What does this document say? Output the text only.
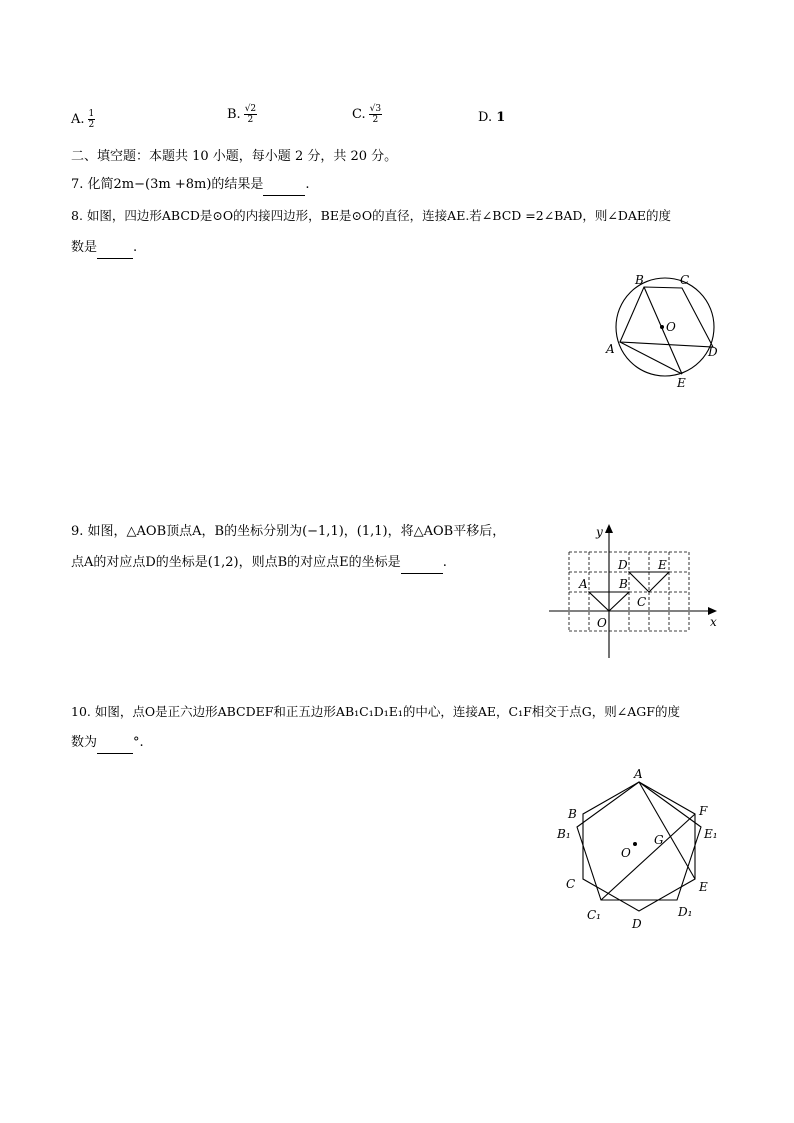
A. $\frac{1}{2}$	B. $\frac{√2}{2}$	C. $\frac{√3}{2}$	D. 1
二、填空题：本题共 10 小题，每小题 2 分，共 20 分。
7. 化简2m−(3m +8m)的结果是	.
8. 如图，四边形ABCD是⊙O的内接四边形，BE是⊙O的直径，连接AE.若∠BCD =2∠BAD，则∠DAE的度
数是	.
B	C
O
A	D
E
9. 如图，△AOB顶点A，B的坐标分别为(−1,1)，(1,1)，将△AOB平移后，
点A的对应点D的坐标是(1,2)，则点B的对应点E的坐标是	.
y
x
O
A	B
C
D	E
10. 如图，点O是正六边形ABCDEF和正五边形AB₁C₁D₁E₁的中心，连接AE，C₁F相交于点G，则∠AGF的度
数为	°.
A
B
B₁
C
C₁
D
D₁
E
E₁
F
G
O
